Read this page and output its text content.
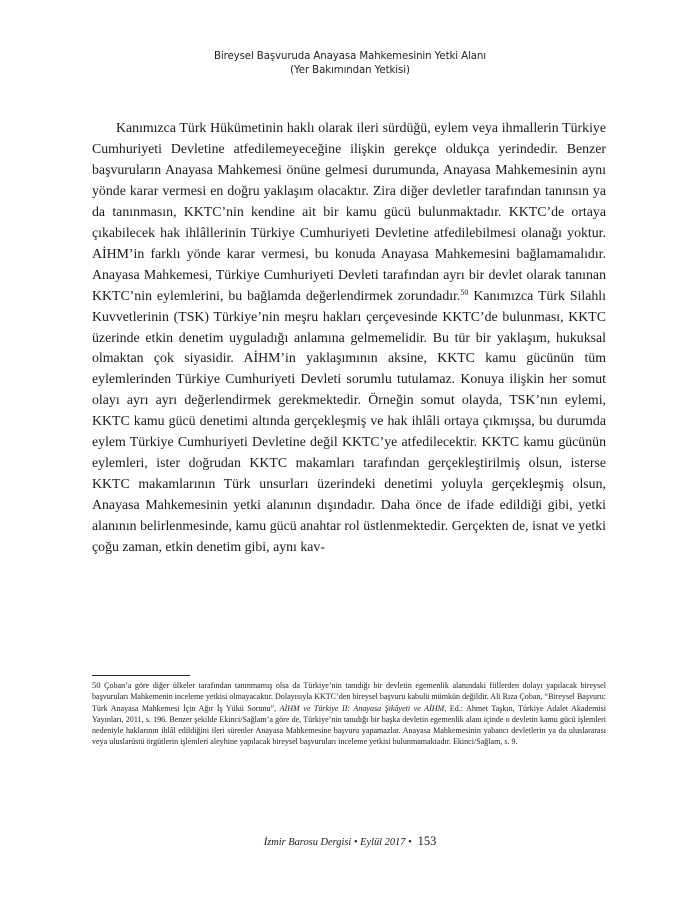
Bireysel Başvuruda Anayasa Mahkemesinin Yetki Alanı
(Yer Bakımından Yetkisi)

Kanımızca Türk Hükümetinin haklı olarak ileri sürdüğü, eylem veya ihmallerin Türkiye Cumhuriyeti Devletine atfedilemeyeceğine ilişkin gerekçe oldukça yerindedir. Benzer başvuruların Anayasa Mahkemesi önüne gelmesi durumunda, Anayasa Mahkemesinin aynı yönde karar vermesi en doğru yaklaşım olacaktır. Zira diğer devletler tarafından tanınsın ya da tanınmasın, KKTC’nin kendine ait bir kamu gücü bulunmaktadır. KKTC’de ortaya çıkabilecek hak ihlâllerinin Türkiye Cumhuriyeti Devletine atfedilebilmesi olanağı yoktur. AİHM’in farklı yönde karar vermesi, bu konuda Anayasa Mahkemesini bağlamamalıdır. Anayasa Mahkemesi, Türkiye Cumhuriyeti Devleti tarafından ayrı bir devlet olarak tanınan KKTC’nin eylemlerini, bu bağlamda değerlendirmek zorundadır.$^{50}$ Kanımızca Türk Silahlı Kuvvetlerinin (TSK) Türkiye’nin meşru hakları çerçevesinde KKTC’de bulunması, KKTC üzerinde etkin denetim uyguladığı anlamına gelmemelidir. Bu tür bir yaklaşım, hukuksal olmaktan çok siyasidir. AİHM’in yaklaşımının aksine, KKTC kamu gücünün tüm eylemlerinden Türkiye Cumhuriyeti Devleti sorumlu tutulamaz. Konuya ilişkin her somut olayı ayrı ayrı değerlendirmek gerekmektedir. Örneğin somut olayda, TSK’nın eylemi, KKTC kamu gücü denetimi altında gerçekleşmiş ve hak ihlâli ortaya çıkmışsa, bu durumda eylem Türkiye Cumhuriyeti Devletine değil KKTC’ye atfedilecektir. KKTC kamu gücünün eylemleri, ister doğrudan KKTC makamları tarafından gerçekleştirilmiş olsun, isterse KKTC makamlarının Türk unsurları üzerindeki denetimi yoluyla gerçekleşmiş olsun, Anayasa Mahkemesinin yetki alanının dışındadır. Daha önce de ifade edildiği gibi, yetki alanının belirlenmesinde, kamu gücü anahtar rol üstlenmektedir. Gerçekten de, isnat ve yetki çoğu zaman, etkin denetim gibi, aynı kav-

50 Çoban’a göre diğer ülkeler tarafından tanınmamış olsa da Türkiye’nin tanıdığı bir devletin egemenlik alanındaki fiillerden dolayı yapılacak bireysel başvuruları Mahkemenin inceleme yetkisi olmayacaktır. Dolayısıyla KKTC’den bireysel başvuru kabulü mümkün değildir. Ali Rıza Çoban, “Bireysel Başvuru: Türk Anayasa Mahkemesi İçin Ağır İş Yükü Sorunu”, AİHM ve Türkiye II: Anayasa Şikâyeti ve AİHM, Ed.: Ahmet Taşkın, Türkiye Adalet Akademisi Yayınları, 2011, s. 196. Benzer şekilde Ekinci/Sağlam’a göre de, Türkiye’nin tanıdığı bir başka devletin egemenlik alanı içinde o devletin kamu gücü işlemleri nedeniyle haklarının ihlâl edildiğini ileri sürenler Anayasa Mahkemesine başvuru yapamazlar. Anayasa Mahkemesinin yabancı devletlerin ya da uluslararası veya uluslarüstü örgütlerin işlemleri aleyhine yapılacak bireysel başvuruları inceleme yetkisi bulunmamaktadır. Ekinci/Sağlam, s. 9.

İzmir Barosu Dergisi • Eylül 2017 • 153
